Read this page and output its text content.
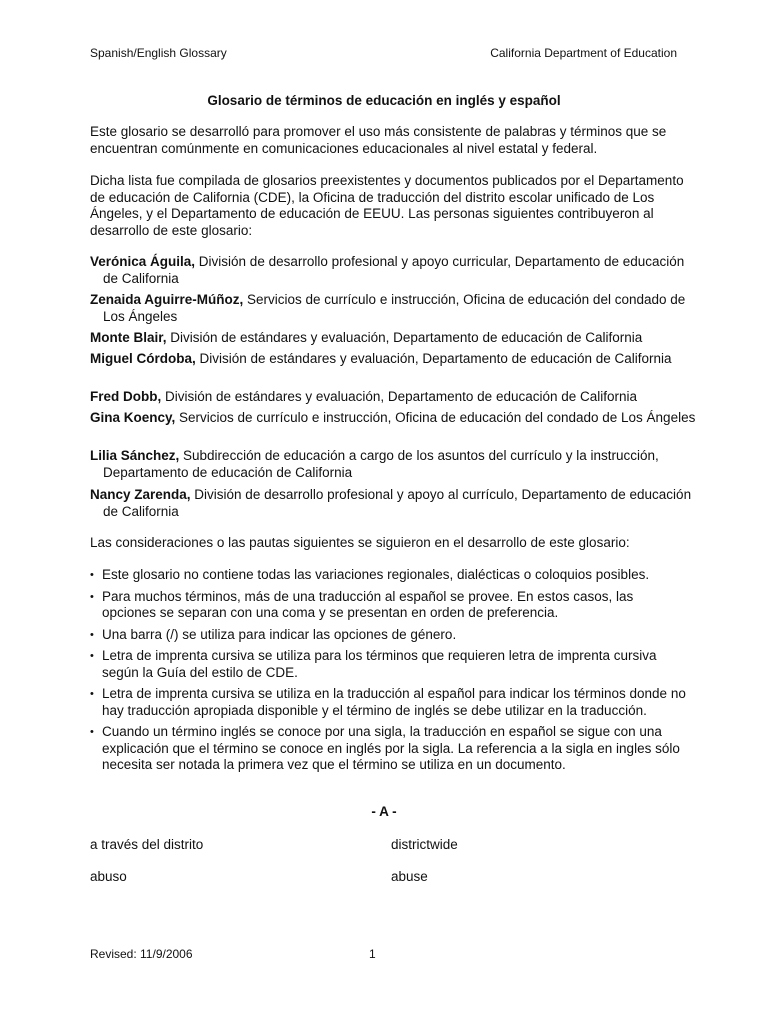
Spanish/English Glossary	California Department of Education
Glosario de términos de educación en inglés y español

Este glosario se desarrolló para promover el uso más consistente de palabras y términos que se encuentran comúnmente en comunicaciones educacionales al nivel estatal y federal.

Dicha lista fue compilada de glosarios preexistentes y documentos publicados por el Departamento de educación de California (CDE), la Oficina de traducción del distrito escolar unificado de Los Ángeles, y el Departamento de educación de EEUU. Las personas siguientes contribuyeron al desarrollo de este glosario:

Verónica Águila, División de desarrollo profesional y apoyo curricular, Departamento de educación de California
Zenaida Aguirre-Múñoz, Servicios de currículo e instrucción, Oficina de educación del condado de Los Ángeles
Monte Blair, División de estándares y evaluación, Departamento de educación de California
Miguel Córdoba, División de estándares y evaluación, Departamento de educación de California
Fred Dobb, División de estándares y evaluación, Departamento de educación de California
Gina Koency, Servicios de currículo e instrucción, Oficina de educación del condado de Los Ángeles
Lilia Sánchez, Subdirección de educación a cargo de los asuntos del currículo y la instrucción, Departamento de educación de California
Nancy Zarenda, División de desarrollo profesional y apoyo al currículo, Departamento de educación de California

Las consideraciones o las pautas siguientes se siguieron en el desarrollo de este glosario:

• Este glosario no contiene todas las variaciones regionales, dialécticas o coloquios posibles.
• Para muchos términos, más de una traducción al español se provee. En estos casos, las opciones se separan con una coma y se presentan en orden de preferencia.
• Una barra (/) se utiliza para indicar las opciones de género.
• Letra de imprenta cursiva se utiliza para los términos que requieren letra de imprenta cursiva según la Guía del estilo de CDE.
• Letra de imprenta cursiva se utiliza en la traducción al español para indicar los términos donde no hay traducción apropiada disponible y el término de inglés se debe utilizar en la traducción.
• Cuando un término inglés se conoce por una sigla, la traducción en español se sigue con una explicación que el término se conoce en inglés por la sigla. La referencia a la sigla en ingles sólo necesita ser notada la primera vez que el término se utiliza en un documento.
- A -
a través del distrito	districtwide
abuso	abuse
Revised: 11/9/2006	1
